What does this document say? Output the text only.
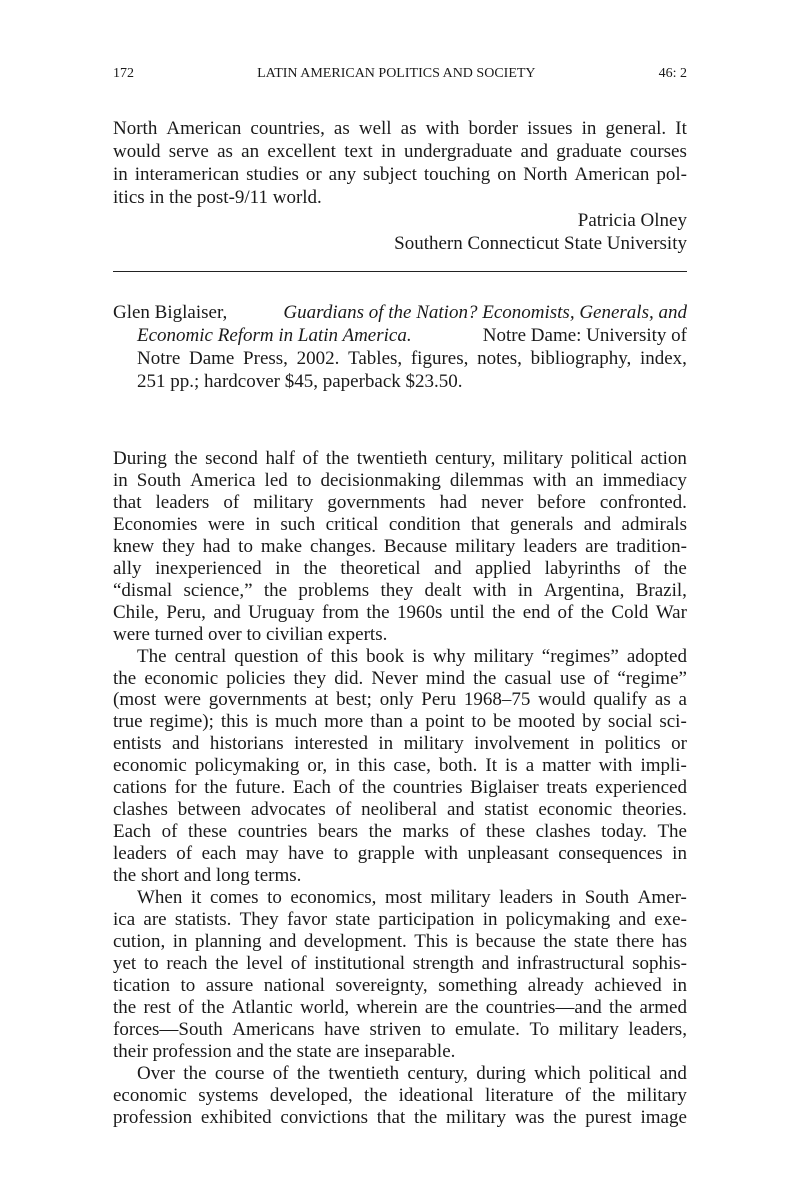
172	LATIN AMERICAN POLITICS AND SOCIETY	46: 2
North American countries, as well as with border issues in general. It
would serve as an excellent text in undergraduate and graduate courses
in interamerican studies or any subject touching on North American pol-
itics in the post-9/11 world.
Patricia Olney
Southern Connecticut State University
Glen Biglaiser,
	Guardians of the Nation? Economists, Generals, and
Economic Reform in Latin America.
	Notre Dame: University of
Notre Dame Press, 2002. Tables, figures, notes, bibliography, index,
251 pp.; hardcover $45, paperback $23.50.
During the second half of the twentieth century, military political action
in South America led to decisionmaking dilemmas with an immediacy
that leaders of military governments had never before confronted.
Economies were in such critical condition that generals and admirals
knew they had to make changes. Because military leaders are tradition-
ally inexperienced in the theoretical and applied labyrinths of the
“dismal science,” the problems they dealt with in Argentina, Brazil,
Chile, Peru, and Uruguay from the 1960s until the end of the Cold War
were turned over to civilian experts.
The central question of this book is why military “regimes” adopted
the economic policies they did. Never mind the casual use of “regime”
(most were governments at best; only Peru 1968–75 would qualify as a
true regime); this is much more than a point to be mooted by social sci-
entists and historians interested in military involvement in politics or
economic policymaking or, in this case, both. It is a matter with impli-
cations for the future. Each of the countries Biglaiser treats experienced
clashes between advocates of neoliberal and statist economic theories.
Each of these countries bears the marks of these clashes today. The
leaders of each may have to grapple with unpleasant consequences in
the short and long terms.
When it comes to economics, most military leaders in South Amer-
ica are statists. They favor state participation in policymaking and exe-
cution, in planning and development. This is because the state there has
yet to reach the level of institutional strength and infrastructural sophis-
tication to assure national sovereignty, something already achieved in
the rest of the Atlantic world, wherein are the countries—and the armed
forces—South Americans have striven to emulate. To military leaders,
their profession and the state are inseparable.
Over the course of the twentieth century, during which political and
economic systems developed, the ideational literature of the military
profession exhibited convictions that the military was the purest image
